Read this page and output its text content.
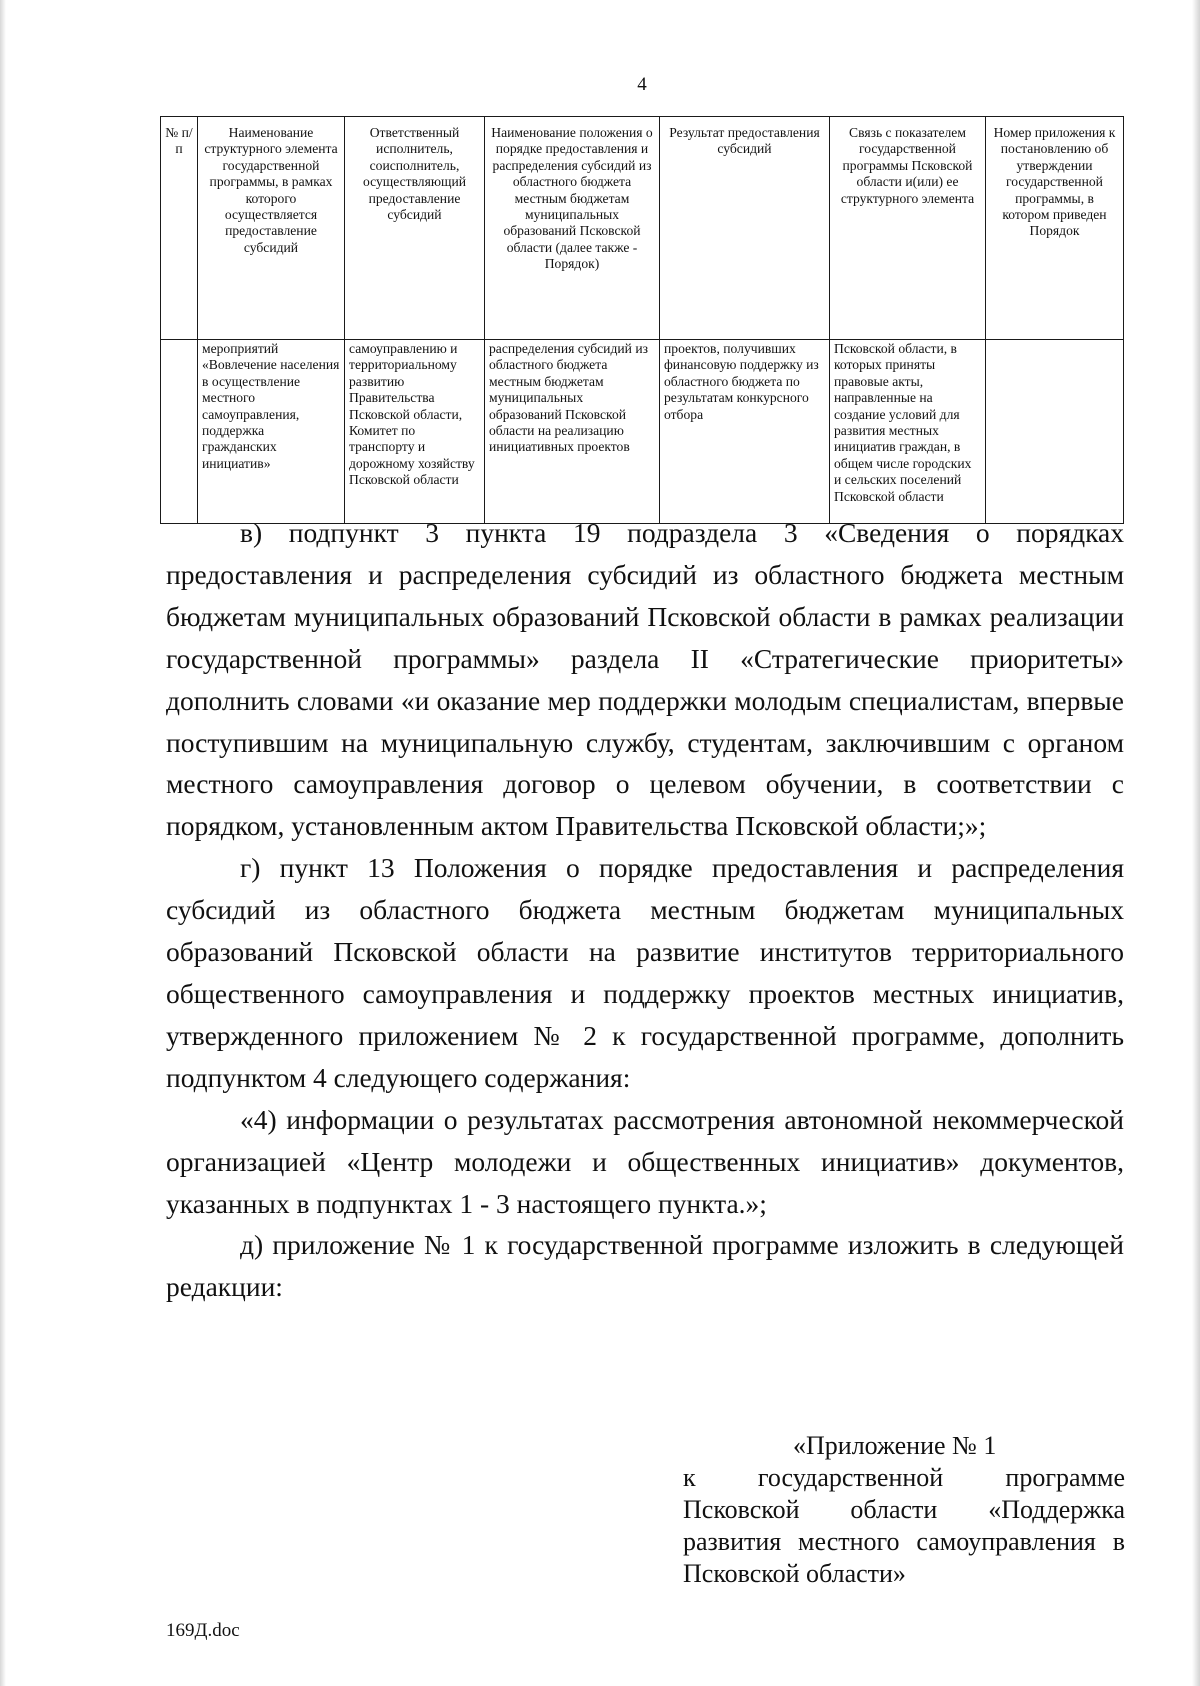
4
№ п/п	Наименование структурного элемента государственной программы, в рамках которого осуществляется предоставление субсидий	Ответственный исполнитель, соисполнитель, осуществляющий предоставление субсидий	Наименование положения о порядке предоставления и распределения субсидий из областного бюджета местным бюджетам муниципальных образований Псковской области (далее также - Порядок)	Результат предоставления субсидий	Связь с показателем государственной программы Псковской области и(или) ее структурного элемента	Номер приложения к постановлению об утверждении государственной программы, в котором приведен Порядок
	мероприятий «Вовлечение населения в осуществление местного самоуправления, поддержка гражданских инициатив»	самоуправлению и территориальному развитию Правительства Псковской области, Комитет по транспорту и дорожному хозяйству Псковской области	распределения субсидий из областного бюджета местным бюджетам муниципальных образований Псковской области на реализацию инициативных проектов	проектов, получивших финансовую поддержку из областного бюджета по результатам конкурсного отбора	Псковской области, в которых приняты правовые акты, направленные на создание условий для развития местных инициатив граждан, в общем числе городских и сельских поселений Псковской области	

в) подпункт 3 пункта 19 подраздела 3 «Сведения о порядках предоставления и распределения субсидий из областного бюджета местным бюджетам муниципальных образований Псковской области в рамках реализации государственной программы» раздела II «Стратегические приоритеты» дополнить словами «и оказание мер поддержки молодым специалистам, впервые поступившим на муниципальную службу, студентам, заключившим с органом местного самоуправления договор о целевом обучении, в соответствии с порядком, установленным актом Правительства Псковской области;»;

г) пункт 13 Положения о порядке предоставления и распределения субсидий из областного бюджета местным бюджетам муниципальных образований Псковской области на развитие институтов территориального общественного самоуправления и поддержку проектов местных инициатив, утвержденного приложением № 2 к государственной программе, дополнить подпунктом 4 следующего содержания:

«4) информации о результатах рассмотрения автономной некоммерческой организацией «Центр молодежи и общественных инициатив» документов, указанных в подпунктах 1 - 3 настоящего пункта.»;

д) приложение № 1 к государственной программе изложить в следующей редакции:

«Приложение № 1
к государственной программе Псковской области «Поддержка развития местного самоуправления в Псковской области»
169Д.doc
